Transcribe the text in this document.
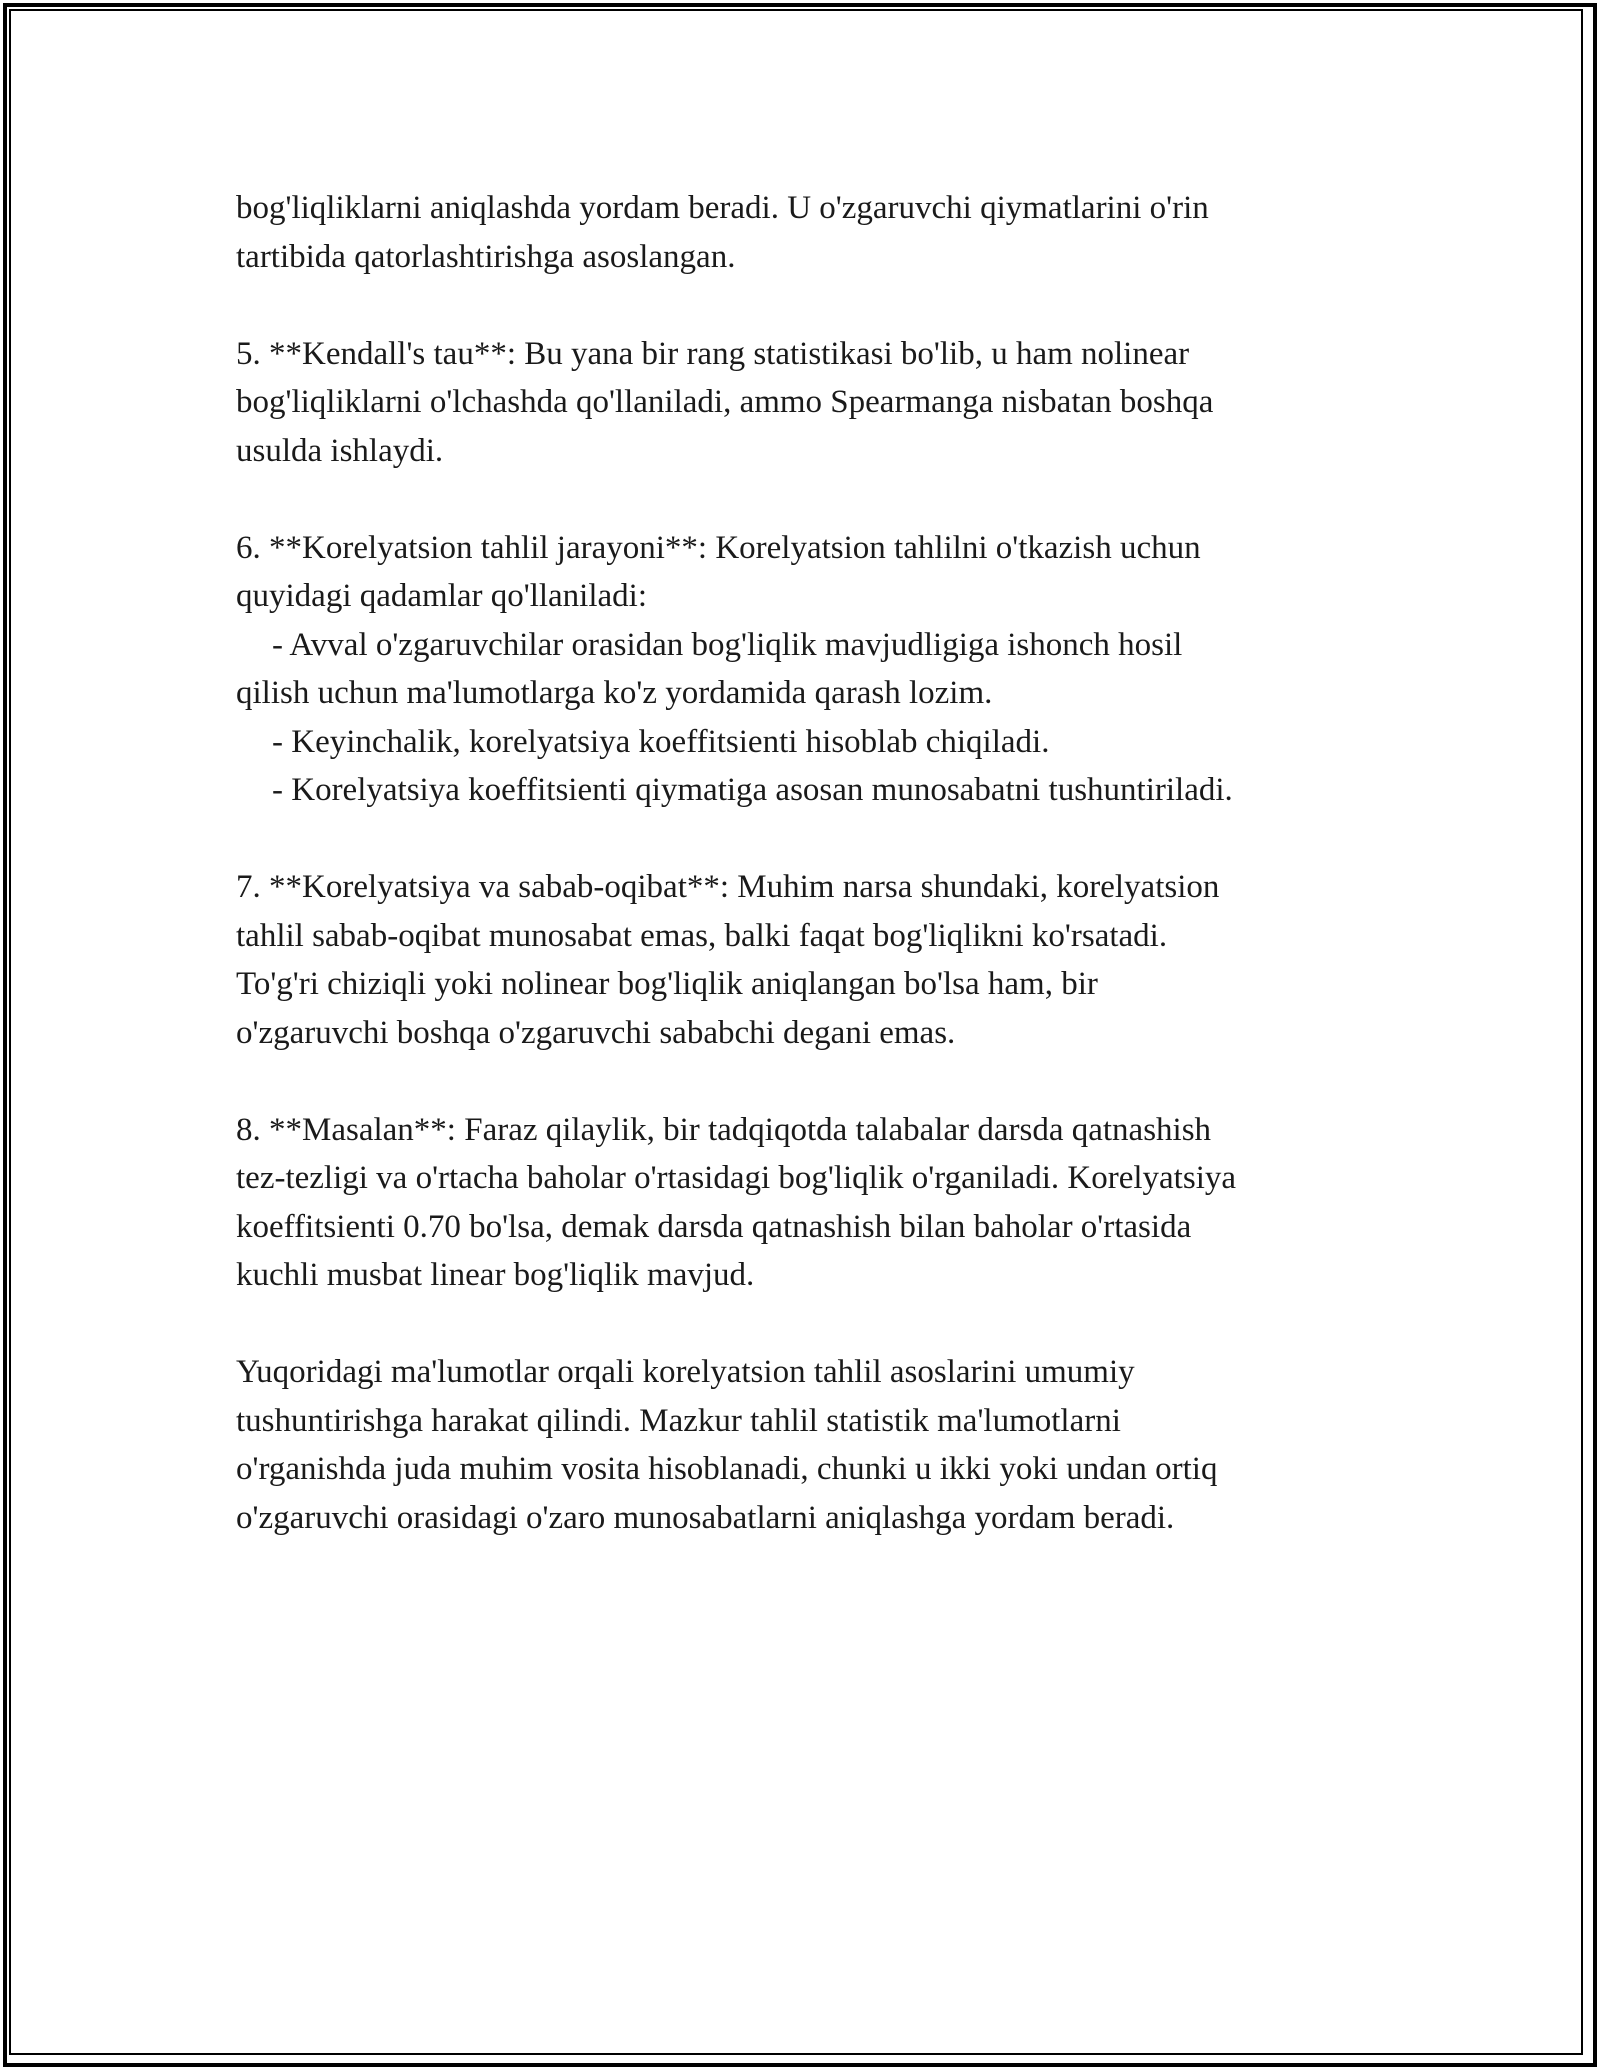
bog'liqliklarni aniqlashda yordam beradi. U o'zgaruvchi qiymatlarini o'rin
tartibida qatorlashtirishga asoslangan.

5. **Kendall's tau**: Bu yana bir rang statistikasi bo'lib, u ham nolinear
bog'liqliklarni o'lchashda qo'llaniladi, ammo Spearmanga nisbatan boshqa
usulda ishlaydi.

6. **Korelyatsion tahlil jarayoni**: Korelyatsion tahlilni o'tkazish uchun
quyidagi qadamlar qo'llaniladi:
- Avval o'zgaruvchilar orasidan bog'liqlik mavjudligiga ishonch hosil
qilish uchun ma'lumotlarga ko'z yordamida qarash lozim.
- Keyinchalik, korelyatsiya koeffitsienti hisoblab chiqiladi.
- Korelyatsiya koeffitsienti qiymatiga asosan munosabatni tushuntiriladi.

7. **Korelyatsiya va sabab-oqibat**: Muhim narsa shundaki, korelyatsion
tahlil sabab-oqibat munosabat emas, balki faqat bog'liqlikni ko'rsatadi.
To'g'ri chiziqli yoki nolinear bog'liqlik aniqlangan bo'lsa ham, bir
o'zgaruvchi boshqa o'zgaruvchi sababchi degani emas.

8. **Masalan**: Faraz qilaylik, bir tadqiqotda talabalar darsda qatnashish
tez-tezligi va o'rtacha baholar o'rtasidagi bog'liqlik o'rganiladi. Korelyatsiya
koeffitsienti 0.70 bo'lsa, demak darsda qatnashish bilan baholar o'rtasida
kuchli musbat linear bog'liqlik mavjud.

Yuqoridagi ma'lumotlar orqali korelyatsion tahlil asoslarini umumiy
tushuntirishga harakat qilindi. Mazkur tahlil statistik ma'lumotlarni
o'rganishda juda muhim vosita hisoblanadi, chunki u ikki yoki undan ortiq
o'zgaruvchi orasidagi o'zaro munosabatlarni aniqlashga yordam beradi.
